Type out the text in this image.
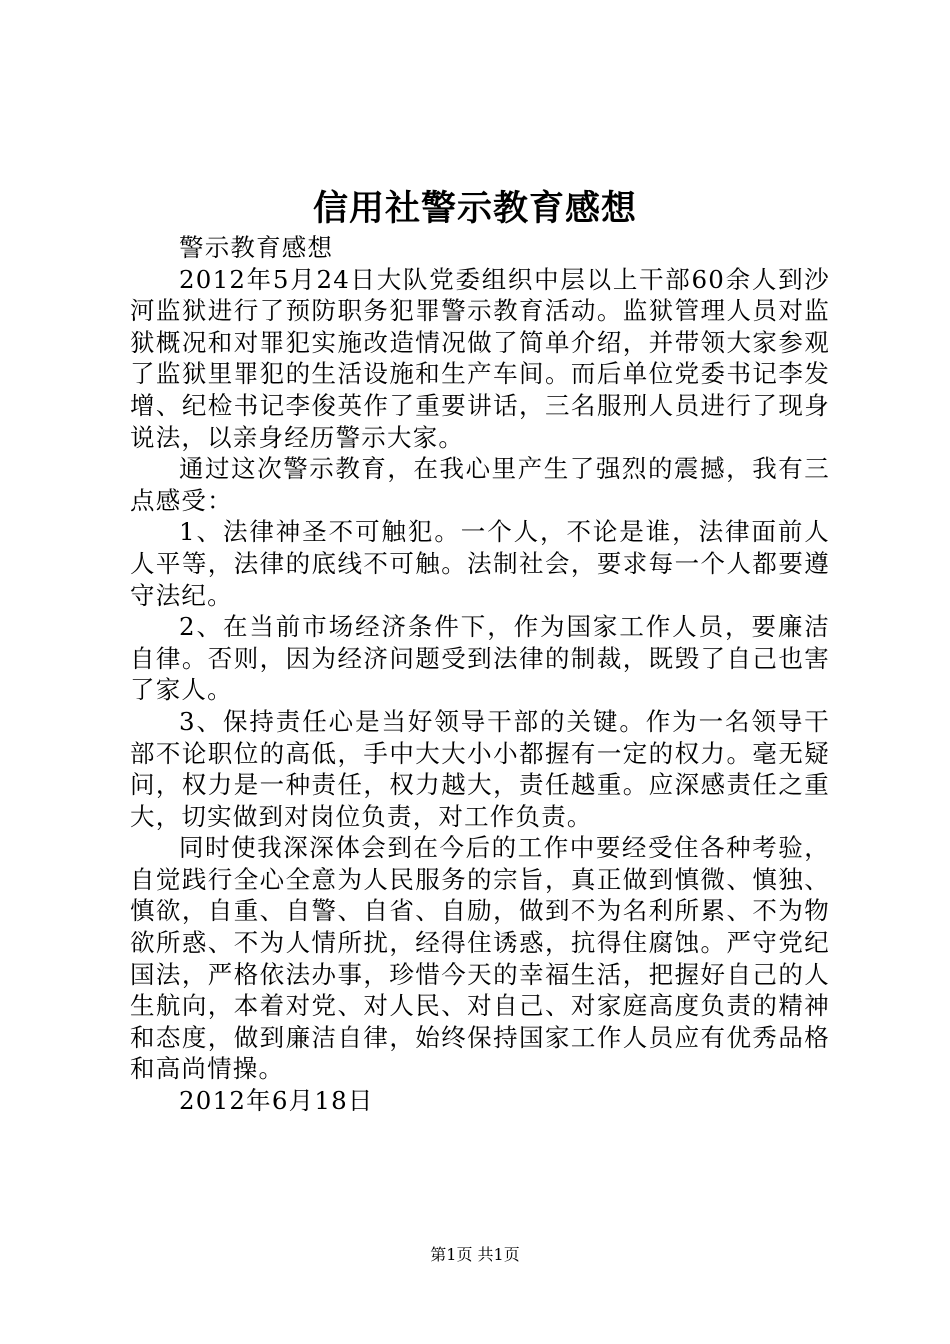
信用社警示教育感想

警示教育感想

2012年5月24日大队党委组织中层以上干部60余人到沙河监狱进行了预防职务犯罪警示教育活动。监狱管理人员对监狱概况和对罪犯实施改造情况做了简单介绍，并带领大家参观了监狱里罪犯的生活设施和生产车间。而后单位党委书记李发增、纪检书记李俊英作了重要讲话，三名服刑人员进行了现身说法，以亲身经历警示大家。

通过这次警示教育，在我心里产生了强烈的震撼，我有三点感受：

1、法律神圣不可触犯。一个人，不论是谁，法律面前人人平等，法律的底线不可触。法制社会，要求每一个人都要遵守法纪。

2、在当前市场经济条件下，作为国家工作人员，要廉洁自律。否则，因为经济问题受到法律的制裁，既毁了自己也害了家人。

3、保持责任心是当好领导干部的关键。作为一名领导干部不论职位的高低，手中大大小小都握有一定的权力。毫无疑问，权力是一种责任，权力越大，责任越重。应深感责任之重大，切实做到对岗位负责，对工作负责。

同时使我深深体会到在今后的工作中要经受住各种考验，自觉践行全心全意为人民服务的宗旨，真正做到慎微、慎独、慎欲，自重、自警、自省、自励，做到不为名利所累、不为物欲所惑、不为人情所扰，经得住诱惑，抗得住腐蚀。严守党纪国法，严格依法办事，珍惜今天的幸福生活，把握好自己的人生航向，本着对党、对人民、对自己、对家庭高度负责的精神和态度，做到廉洁自律，始终保持国家工作人员应有优秀品格和高尚情操。

2012年6月18日

第1页 共1页
